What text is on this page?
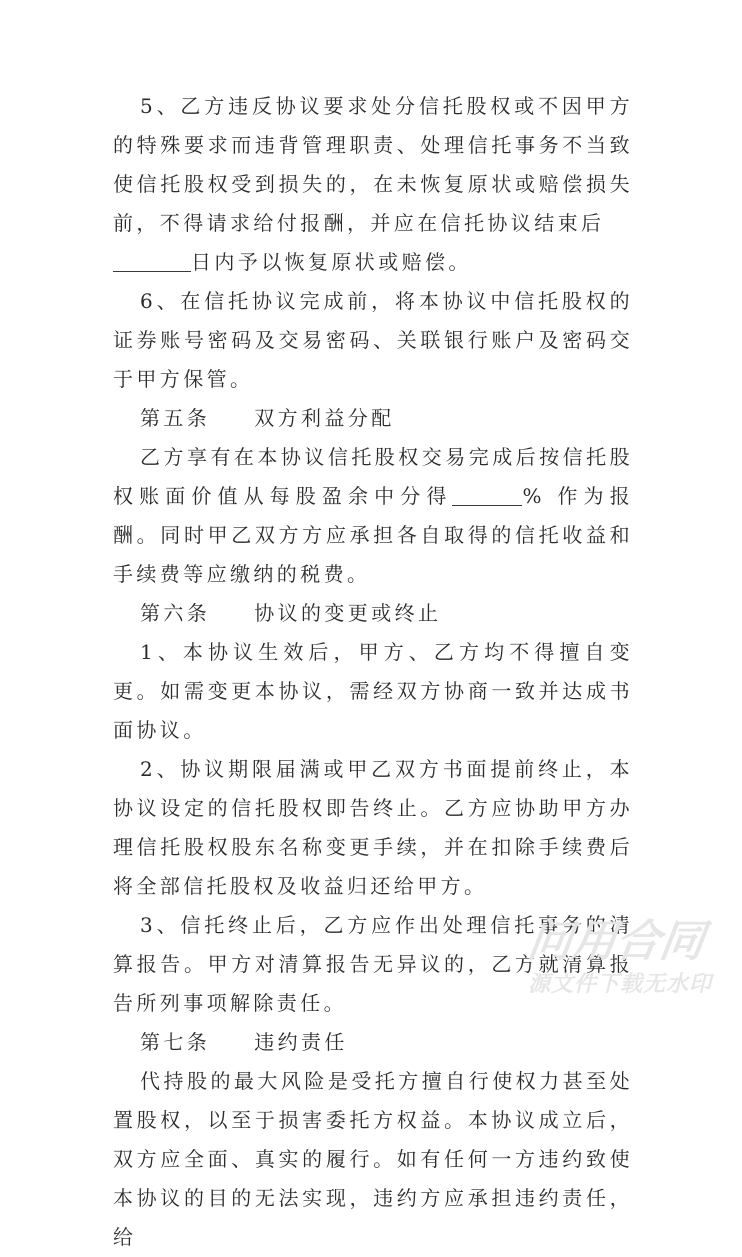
5、乙方违反协议要求处分信托股权或不因甲方的特殊要求而违背管理职责、处理信托事务不当致使信托股权受到损失的，在未恢复原状或赔偿损失前，不得请求给付报酬，并应在信托协议结束后
日内予以恢复原状或赔偿。

6、在信托协议完成前，将本协议中信托股权的证券账号密码及交易密码、关联银行账户及密码交于甲方保管。

第五条 双方利益分配

乙方享有在本协议信托股权交易完成后按信托股权账面价值从每股盈余中分得	% 作为报酬。同时甲乙双方方应承担各自取得的信托收益和手续费等应缴纳的税费。

第六条 协议的变更或终止

1、本协议生效后，甲方、乙方均不得擅自变更。如需变更本协议，需经双方协商一致并达成书面协议。

2、协议期限届满或甲乙双方书面提前终止，本协议设定的信托股权即告终止。乙方应协助甲方办理信托股权股东名称变更手续，并在扣除手续费后将全部信托股权及收益归还给甲方。

3、信托终止后，乙方应作出处理信托事务的清算报告。甲方对清算报告无异议的，乙方就清算报告所列事项解除责任。

第七条 违约责任

代持股的最大风险是受托方擅自行使权力甚至处置股权，以至于损害委托方权益。本协议成立后，双方应全面、真实的履行。如有任何一方违约致使本协议的目的无法实现，违约方应承担违约责任，给

问用合同
源文件下载无水印
